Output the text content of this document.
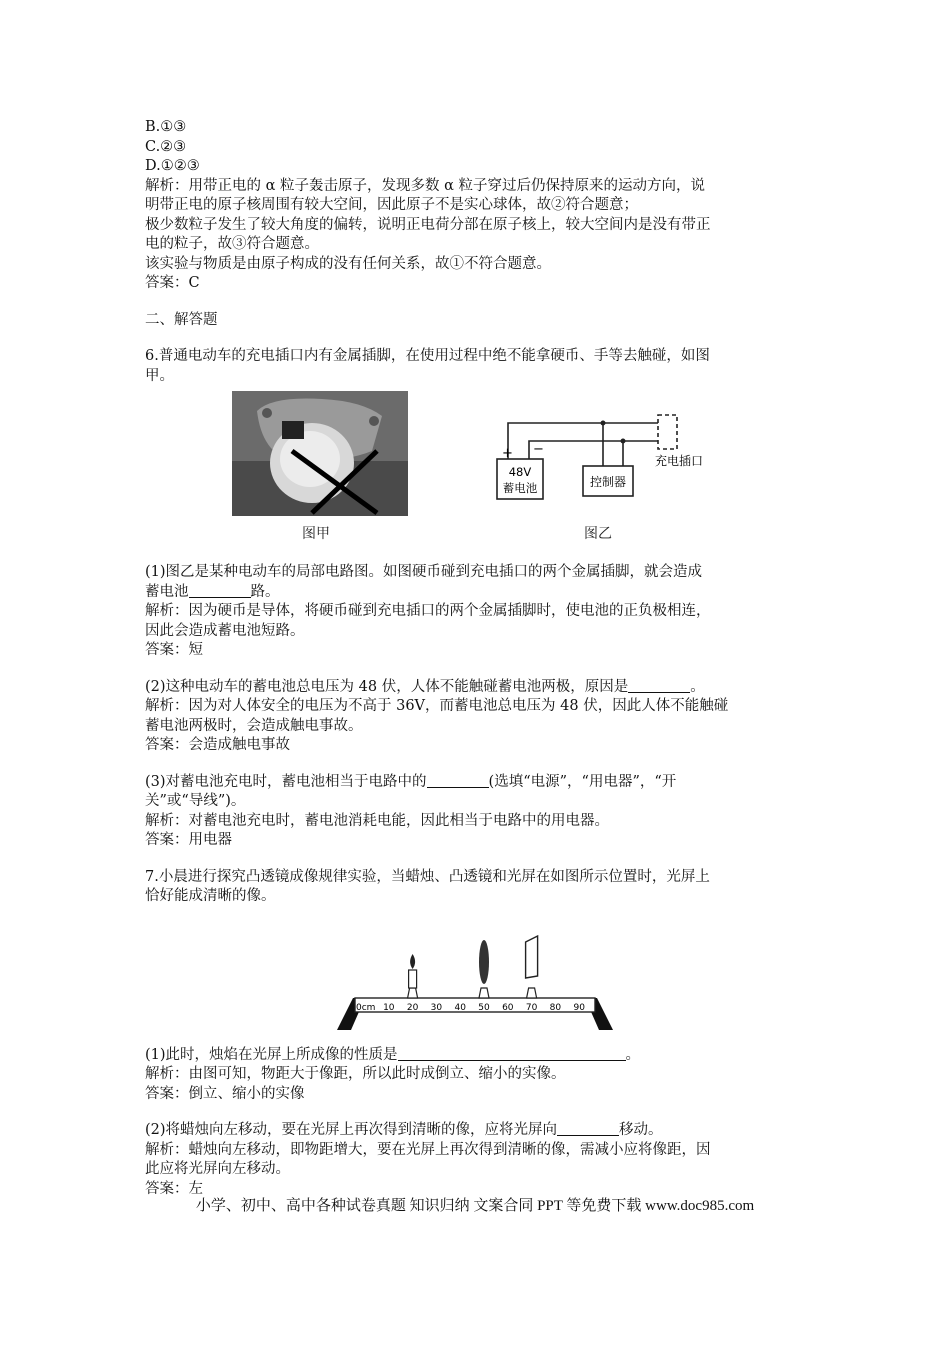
B.①③

C.②③

D.①②③

解析：用带正电的 α 粒子轰击原子，发现多数 α 粒子穿过后仍保持原来的运动方向，说

明带正电的原子核周围有较大空间，因此原子不是实心球体，故②符合题意；

极少数粒子发生了较大角度的偏转，说明正电荷分部在原子核上，较大空间内是没有带正

电的粒子，故③符合题意。

该实验与物质是由原子构成的没有任何关系，故①不符合题意。

答案：C

二、解答题

6.普通电动车的充电插口内有金属插脚，在使用过程中绝不能拿硬币、手等去触碰，如图

甲。

图甲
+ −
48V
蓄电池	控制器
充电插口
图乙

(1)图乙是某种电动车的局部电路图。如图硬币碰到充电插口的两个金属插脚，就会造成

蓄电池	路。

解析：因为硬币是导体，将硬币碰到充电插口的两个金属插脚时，使电池的正负极相连，

因此会造成蓄电池短路。

答案：短

(2)这种电动车的蓄电池总电压为 48 伏，人体不能触碰蓄电池两极，原因是	。

解析：因为对人体安全的电压为不高于 36V，而蓄电池总电压为 48 伏，因此人体不能触碰

蓄电池两极时，会造成触电事故。

答案：会造成触电事故

(3)对蓄电池充电时，蓄电池相当于电路中的	(选填“电源”，“用电器”，“开

关”或“导线”)。

解析：对蓄电池充电时，蓄电池消耗电能，因此相当于电路中的用电器。

答案：用电器

7.小晨进行探究凸透镜成像规律实验，当蜡烛、凸透镜和光屏在如图所示位置时，光屏上

恰好能成清晰的像。

0cm 10 20 30 40 50 60 70 80 90

(1)此时，烛焰在光屏上所成像的性质是	。

解析：由图可知，物距大于像距，所以此时成倒立、缩小的实像。

答案：倒立、缩小的实像

(2)将蜡烛向左移动，要在光屏上再次得到清晰的像，应将光屏向	移动。

解析：蜡烛向左移动，即物距增大，要在光屏上再次得到清晰的像，需减小应将像距，因

此应将光屏向左移动。

答案：左

小学、初中、高中各种试卷真题 知识归纳 文案合同 PPT 等免费下载 www.doc985.com
